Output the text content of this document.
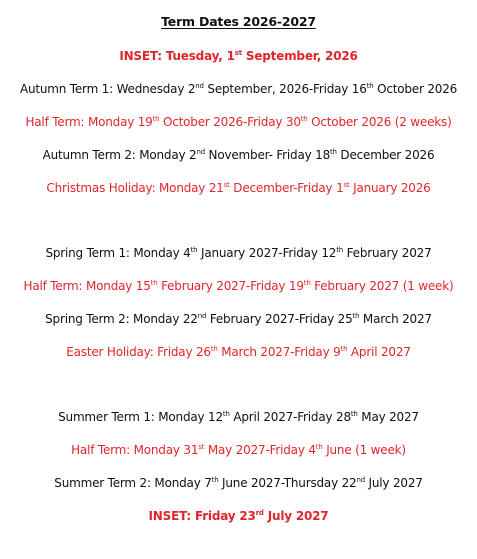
Term Dates 2026-2027
INSET: Tuesday, 1st September, 2026
Autumn Term 1: Wednesday 2nd September, 2026-Friday 16th October 2026
Half Term: Monday 19th October 2026-Friday 30th October 2026 (2 weeks)
Autumn Term 2: Monday 2nd November- Friday 18th December 2026
Christmas Holiday: Monday 21st December-Friday 1st January 2026
Spring Term 1: Monday 4th January 2027-Friday 12th February 2027
Half Term: Monday 15th February 2027-Friday 19th February 2027 (1 week)
Spring Term 2: Monday 22nd February 2027-Friday 25th March 2027
Easter Holiday: Friday 26th March 2027-Friday 9th April 2027
Summer Term 1: Monday 12th April 2027-Friday 28th May 2027
Half Term: Monday 31st May 2027-Friday 4th June (1 week)
Summer Term 2: Monday 7th June 2027-Thursday 22nd July 2027
INSET: Friday 23rd July 2027
